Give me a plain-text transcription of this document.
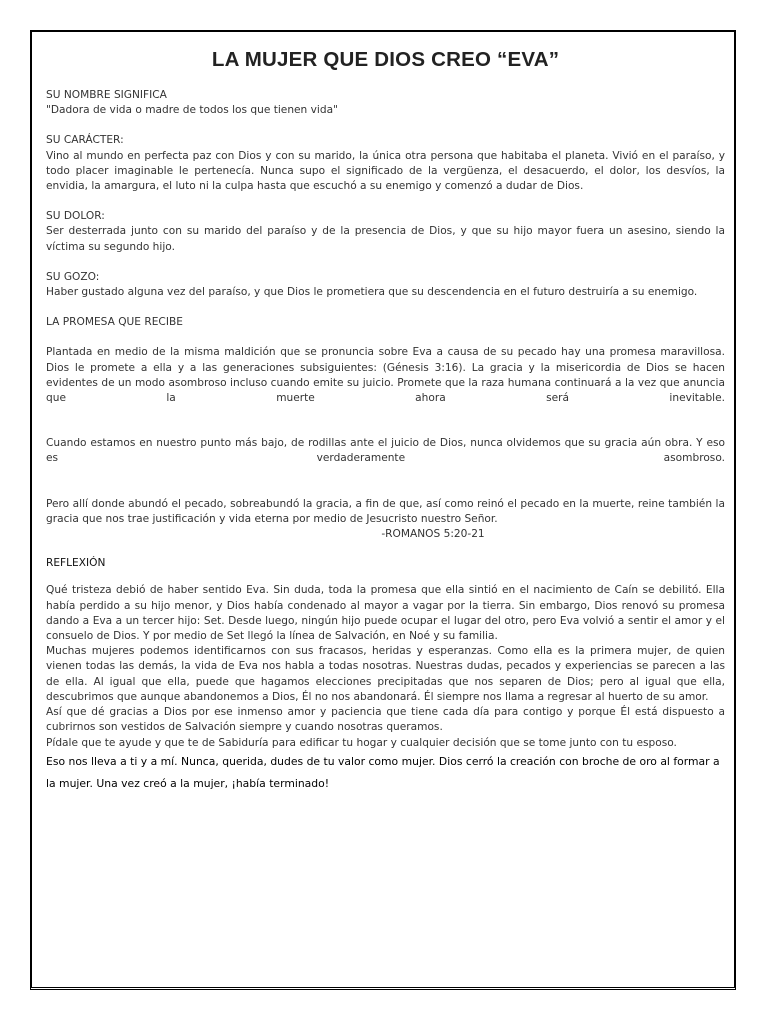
LA MUJER QUE DIOS CREO “EVA”
SU NOMBRE SIGNIFICA

"Dadora de vida o madre de todos los que tienen vida"

SU CARÁCTER:

Vino al mundo en perfecta paz con Dios y con su marido, la única otra persona que habitaba el planeta. Vivió en el paraíso, y todo placer imaginable le pertenecía. Nunca supo el significado de la vergüenza, el desacuerdo, el dolor, los desvíos, la envidia, la amargura, el luto ni la culpa hasta que escuchó a su enemigo y comenzó a dudar de Dios.

SU DOLOR:

Ser desterrada junto con su marido del paraíso y de la presencia de Dios, y que su hijo mayor fuera un asesino, siendo la víctima su segundo hijo.

SU GOZO:

Haber gustado alguna vez del paraíso, y que Dios le prometiera que su descendencia en el futuro destruiría a su enemigo.

LA PROMESA QUE RECIBE

Plantada en medio de la misma maldición que se pronuncia sobre Eva a causa de su pecado hay una promesa maravillosa. Dios le promete a ella y a las generaciones subsiguientes: (Génesis 3:16). La gracia y la misericordia de Dios se hacen evidentes de un modo asombroso incluso cuando emite su juicio. Promete que la raza humana continuará a la vez que anuncia que la muerte ahora será inevitable.

Cuando estamos en nuestro punto más bajo, de rodillas ante el juicio de Dios, nunca olvidemos que su gracia aún obra. Y eso es verdaderamente asombroso.

Pero allí donde abundó el pecado, sobreabundó la gracia, a fin de que, así como reinó el pecado en la muerte, reine también la gracia que nos trae justificación y vida eterna por medio de Jesucristo nuestro Señor.

-ROMANOS 5:20-21

REFLEXIÓN

Qué tristeza debió de haber sentido Eva. Sin duda, toda la promesa que ella sintió en el nacimiento de Caín se debilitó. Ella había perdido a su hijo menor, y Dios había condenado al mayor a vagar por la tierra. Sin embargo, Dios renovó su promesa dando a Eva a un tercer hijo: Set. Desde luego, ningún hijo puede ocupar el lugar del otro, pero Eva volvió a sentir el amor y el consuelo de Dios. Y por medio de Set llegó la línea de Salvación, en Noé y su familia.

Muchas mujeres podemos identificarnos con sus fracasos, heridas y esperanzas. Como ella es la primera mujer, de quien vienen todas las demás, la vida de Eva nos habla a todas nosotras. Nuestras dudas, pecados y experiencias se parecen a las de ella. Al igual que ella, puede que hagamos elecciones precipitadas que nos separen de Dios; pero al igual que ella, descubrimos que aunque abandonemos a Dios, Él no nos abandonará. Él siempre nos llama a regresar al huerto de su amor.

Así que dé gracias a Dios por ese inmenso amor y paciencia que tiene cada día para contigo y porque Él está dispuesto a cubrirnos son vestidos de Salvación siempre y cuando nosotras queramos.

Pídale que te ayude y que te de Sabiduría para edificar tu hogar y cualquier decisión que se tome junto con tu esposo.

Eso nos lleva a ti y a mí. Nunca, querida, dudes de tu valor como mujer. Dios cerró la creación con broche de oro al formar a la mujer. Una vez creó a la mujer, ¡había terminado!
